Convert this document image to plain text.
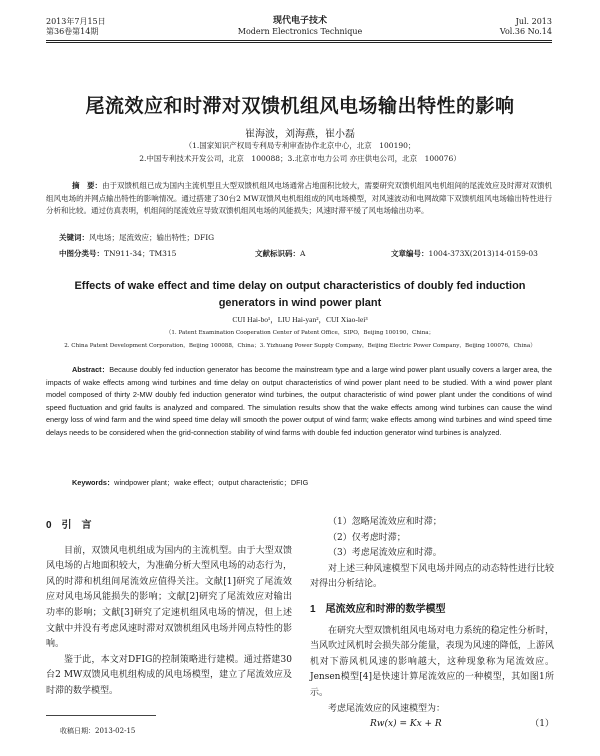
2013年7月15日
第36卷第14期
现代电子技术
Modern Electronics Technique
Jul. 2013
Vol.36 No.14
尾流效应和时滞对双馈机组风电场输出特性的影响
崔海波，刘海燕，崔小磊
（1.国家知识产权局专利局专利审查协作北京中心，北京　100190；
2.中国专利技术开发公司，北京　100088；3.北京市电力公司 亦庄供电公司，北京　100076）
摘　要：由于双馈机组已成为国内主流机型且大型双馈机组风电场通常占地面积比较大，需要研究双馈机组风电机组间的尾流效应及时滞对双馈机组风电场的并网点输出特性的影响情况。通过搭建了30台2 MW双馈风电机组组成的风电场模型，对风速波动和电网故障下双馈机组风电场输出特性进行分析和比较。通过仿真表明，机组间的尾流效应导致双馈机组风电场的风能损失；风速时滞平缓了风电场输出功率。
关键词：风电场；尾流效应；输出特性；DFIG
中图分类号：TN911-34；TM315	文献标识码：A	文章编号：1004-373X(2013)14-0159-03
Effects of wake effect and time delay on output characteristics of doubly fed induction
generators in wind power plant
CUI Hai-bo¹，LIU Hai-yan²，CUI Xiao-lei³
（1. Patent Examination Cooperation Center of Patent Office，SIPO，Beijing 100190，China；
2. China Patent Development Corporation，Beijing 100088，China；3. Yizhuang Power Supply Company，Beijing Electric Power Company，Beijing 100076，China）
Abstract：Because doubly fed induction generator has become the mainstream type and a large wind power plant usually covers a larger area, the impacts of wake effects among wind turbines and time delay on output characteristics of wind power plant need to be studied. With a wind power plant model composed of thirty 2-MW doubly fed induction generator wind turbines, the output characteristic of wind power plant under the conditions of wind speed fluctuation and grid faults is analyzed and compared. The simulation results show that the wake effects among wind turbines can cause the wind energy loss of wind farm and the wind speed time delay will smooth the power output of wind farm; wake effects among wind turbines and wind speed time delays needs to be considered when the grid-connection stability of wind farms with double fed induction generator wind turbines is analyzed.
Keywords：windpower plant；wake effect；output characteristic；DFIG
0　引　言

目前，双馈风电机组成为国内的主流机型。由于大型双馈风电场的占地面积较大，为准确分析大型风电场的动态行为，风的时滞和机组间尾流效应值得关注。文献[1]研究了尾流效应对风电场风能损失的影响；文献[2]研究了尾流效应对输出功率的影响；文献[3]研究了定速机组风电场的情况，但上述文献中并没有考虑风速时滞对双馈机组风电场并网点特性的影响。

鉴于此，本文对DFIG的控制策略进行建模。通过搭建30台2 MW双馈风电机组构成的风电场模型，建立了尾流效应及时滞的数学模型。

收稿日期：2013-02-15
（1）忽略尾流效应和时滞；
（2）仅考虑时滞；
（3）考虑尾流效应和时滞。

对上述三种风速模型下风电场并网点的动态特性进行比较对得出分析结论。

1　尾流效应和时滞的数学模型

在研究大型双馈机组风电场对电力系统的稳定性分析时，当风吹过风机时会损失部分能量，表现为风速的降低，上游风机对下游风机风速的影响越大，这种现象称为尾流效应。Jensen模型[4]是快速计算尾流效应的一种模型，其如图1所示。

考虑尾流效应的风速模型为：

Rw(x) = Kx + R	（1）
